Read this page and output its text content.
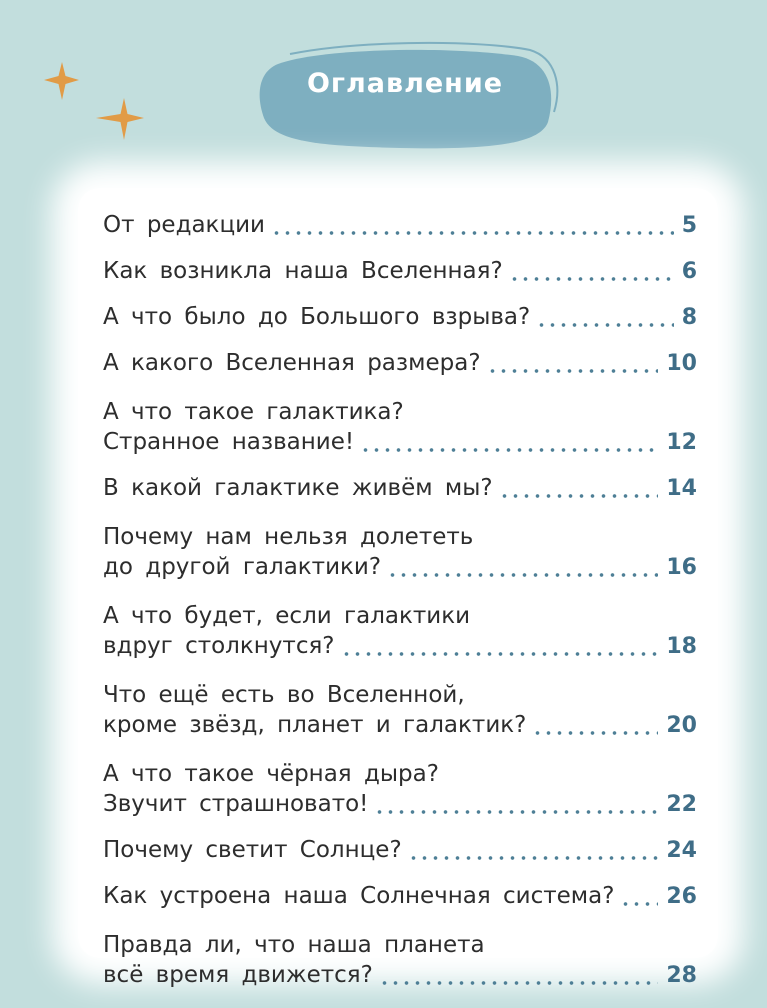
Оглавление
От редакции	5
Как возникла наша Вселенная?	6
А что было до Большого взрыва?	8
А какого Вселенная размера?	10
А что такое галактика?
Странное название!	12
В какой галактике живём мы?	14
Почему нам нельзя долететь
до другой галактики?	16
А что будет, если галактики
вдруг столкнутся?	18
Что ещё есть во Вселенной,
кроме звёзд, планет и галактик?	20
А что такое чёрная дыра?
Звучит страшновато!	22
Почему светит Солнце?	24
Как устроена наша Солнечная система? 26
Правда ли, что наша планета
всё время движется?	28
